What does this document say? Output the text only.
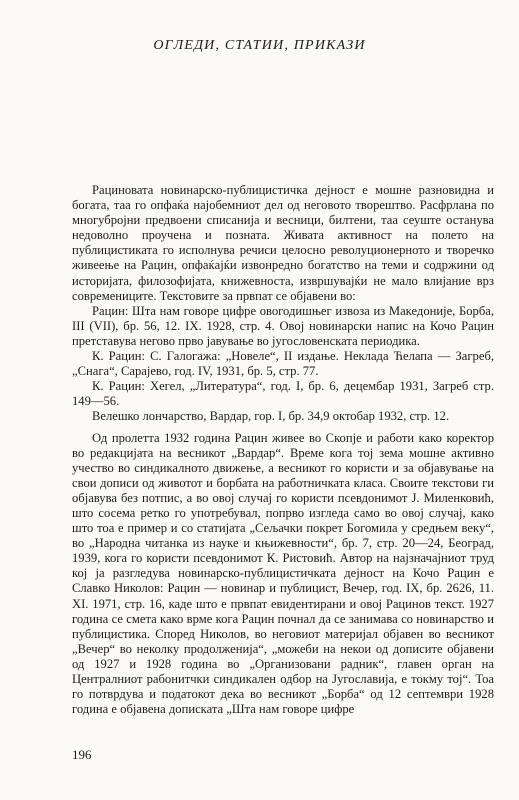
ОГЛЕДИ, СТАТИИ, ПРИКАЗИ

Рациновата новинарско-публицистичка дејност е мошне разновидна и богата, таа го опфаќа најобемниот дел од неговото творештво. Расфрлана по многубројни предвоени списанија и весници, билтени, таа сеуште останува недоволно проучена и позната. Живата активност на полето на публицистиката го исполнува речиси целосно револуционерното и творечко живеење на Рацин, опфаќајќи извонредно богатство на теми и содржини од историјата, филозофијата, книжевноста, извршувајќи не мало влијание врз современиците. Текстовите за првпат се објавени во:

Рацин: Шта нам говоре цифре овогодишњег извоза из Македоније, Борба, III (VII), бр. 56, 12. IX. 1928, стр. 4. Овој новинарски напис на Кочо Рацин претставува негово прво јавување во југословенската периодика.

К. Рацин: С. Галогажа: „Новеле“, II издање. Неклада Ћелапа — Загреб, „Снага“, Сарајево, год. IV, 1931, бр. 5, стр. 77.

К. Рацин: Хегел, „Литература“, год. I, бр. 6, децембар 1931, Загреб стр. 149—56.

Велешко лончарство, Вардар, гор. I, бр. 34,9 октобар 1932, стр. 12.

Од пролетта 1932 година Рацин живее во Скопје и работи како коректор во редакцијата на весникот „Вардар“. Време кога тој зема мошне активно учество во синдикалното движење, а весникот го користи и за објавување на свои дописи од животот и борбата на работничката класа. Своите текстови ги објавува без потпис, а во овој случај го користи псевдонимот Ј. Миленковић, што сосема ретко го употребувал, попрво изгледа само во овој случај, како што тоа е пример и со статијата „Сељачки покрет Богомила у средњем веку“, во „Народна читанка из науке и књижевности“, бр. 7, стр. 20—24, Београд, 1939, кога го користи псевдонимот К. Ристовић. Автор на најзначајниот труд кој ја разгледува новинарско-публицистичката дејност на Кочо Рацин е Славко Николов: Рацин — новинар и публицист, Вечер, год. IX, бр. 2626, 11. XI. 1971, стр. 16, каде што е првпат евидентирани и овој Рацинов текст. 1927 година се смета како врме кога Рацин почнал да се занимава со новинарство и публицистика. Според Николов, во неговиот материјал објавен во весникот „Вечер“ во неколку продолженија“, „можеби на некои од дописите објавени од 1927 и 1928 година во „Организовани радник“, главен орган на Централниот рабонитчки синдикален одбор на Југославија, е токму тој“. Тоа го потврдува и податокот дека во весникот „Борба“ од 12 септември 1928 година е објавена дописката „Шта нам говоре цифре

196
